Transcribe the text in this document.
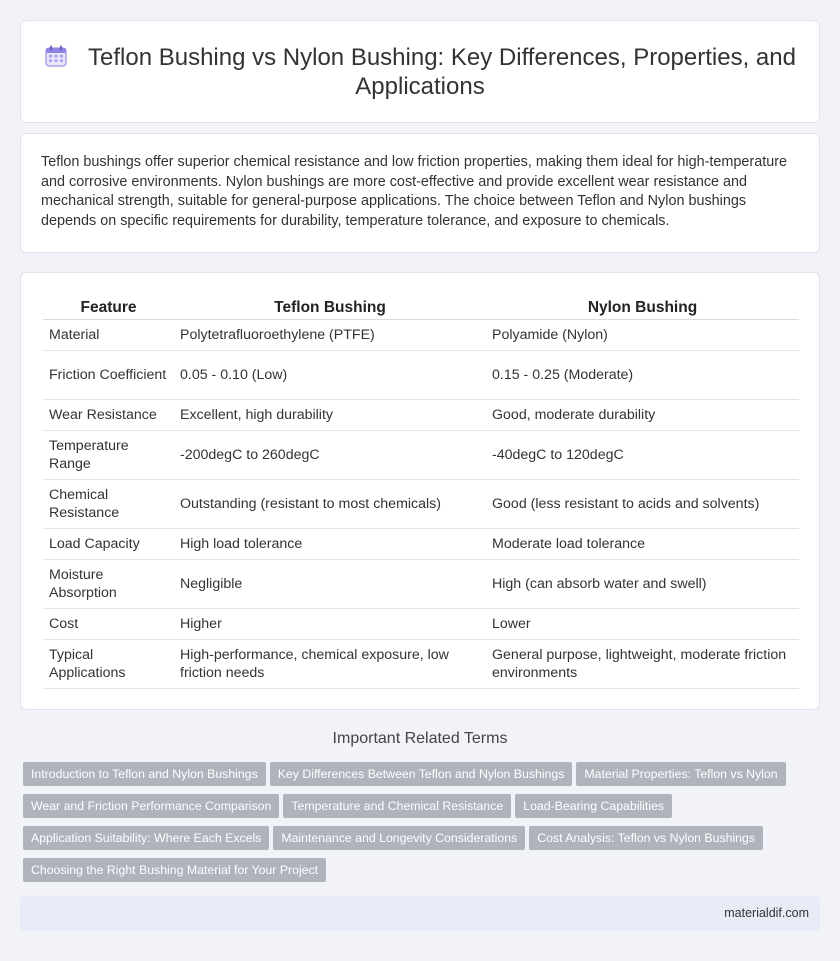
Teflon Bushing vs Nylon Bushing: Key Differences, Properties, and Applications

Teflon bushings offer superior chemical resistance and low friction properties, making them ideal for high-temperature and corrosive environments. Nylon bushings are more cost-effective and provide excellent wear resistance and mechanical strength, suitable for general-purpose applications. The choice between Teflon and Nylon bushings depends on specific requirements for durability, temperature tolerance, and exposure to chemicals.

Feature	Teflon Bushing	Nylon Bushing
Material	Polytetrafluoroethylene (PTFE)	Polyamide (Nylon)
Friction Coefficient	0.05 - 0.10 (Low)	0.15 - 0.25 (Moderate)
Wear Resistance	Excellent, high durability	Good, moderate durability
Temperature Range	-200degC to 260degC	-40degC to 120degC
Chemical Resistance	Outstanding (resistant to most chemicals)	Good (less resistant to acids and solvents)
Load Capacity	High load tolerance	Moderate load tolerance
Moisture Absorption	Negligible	High (can absorb water and swell)
Cost	Higher	Lower
Typical Applications	High-performance, chemical exposure, low friction needs	General purpose, lightweight, moderate friction environments
Important Related Terms
Introduction to Teflon and Nylon Bushings Key Differences Between Teflon and Nylon Bushings Material Properties: Teflon vs NylonWear and Friction Performance Comparison Temperature and Chemical Resistance Load-Bearing CapabilitiesApplication Suitability: Where Each Excels Maintenance and Longevity Considerations Cost Analysis: Teflon vs Nylon BushingsChoosing the Right Bushing Material for Your Project
materialdif.com
